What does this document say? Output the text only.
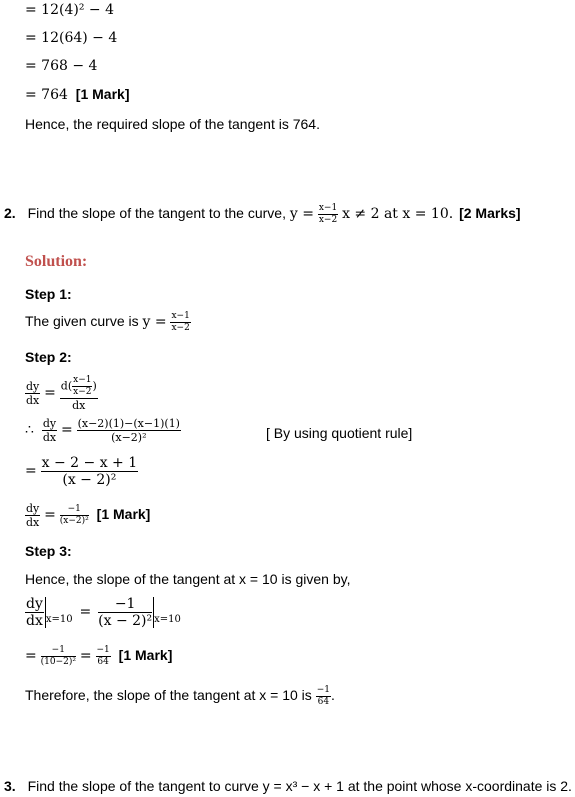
= 12(4)² − 4
= 12(64) − 4
= 768 − 4
= 764 [1 Mark]
Hence, the required slope of the tangent is 764.
2. Find the slope of the tangent to the curve, $y = \frac{x-1}{x-2}$ x ≠ 2 at x = 10. [2 Marks]
Solution:
Step 1:
The given curve is $y = \frac{x-1}{x-2}$
Step 2:
$\frac{dy}{dx} = \frac{d( \frac{x-1}{x-2} )}{dx}$
∴ $\frac{dy}{dx} = \frac{(x-2)(1)-(x-1)(1)}{\text{(x−2)²}}$	[ By using quotient rule]
= $\frac{x - 2 - x + 1}{\text{(x − 2)²}}$
$\frac{dy}{dx} = \frac{-1}{\text{(x−2)²}} [1$ Mark]
Step 3:
Hence, the slope of the tangent at x = 10 is given by,
$\frac{dy}{dx} _{x=10} = \frac{-1}{\text{(x − 2)²}} _{x=10}$
= $\frac{-1}{\text{(10−2)²}} = \frac{-1}{64} [1$ Mark]
Therefore, the slope of the tangent at x = 10 is $\frac{-1}{64}$ .
3. Find the slope of the tangent to curve y = x³ − x + 1 at the point whose x-coordinate is 2.
